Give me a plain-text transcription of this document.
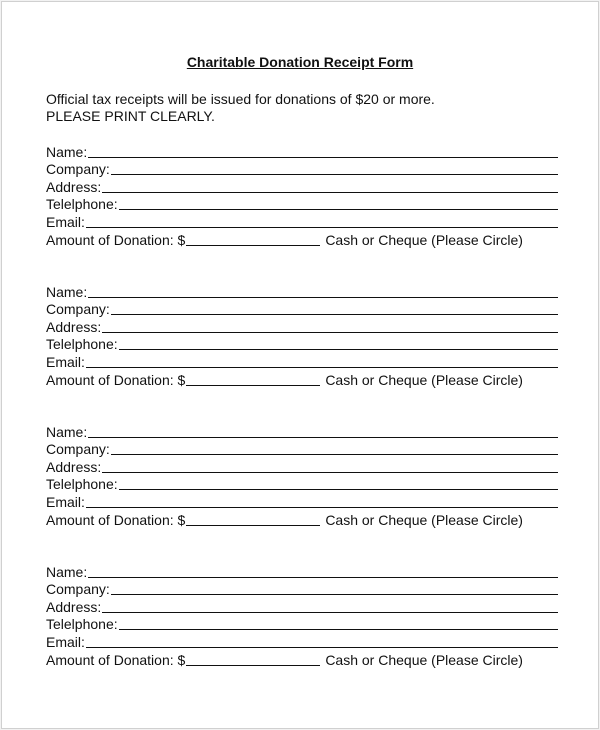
Charitable Donation Receipt Form
Official tax receipts will be issued for donations of $20 or more.
PLEASE PRINT CLEARLY.
Name:
Company:
Address:
Telelphone:
Email:
Amount of Donation: $	Cash or Cheque (Please Circle)
Name:
Company:
Address:
Telelphone:
Email:
Amount of Donation: $	Cash or Cheque (Please Circle)
Name:
Company:
Address:
Telelphone:
Email:
Amount of Donation: $	Cash or Cheque (Please Circle)
Name:
Company:
Address:
Telelphone:
Email:
Amount of Donation: $	Cash or Cheque (Please Circle)
